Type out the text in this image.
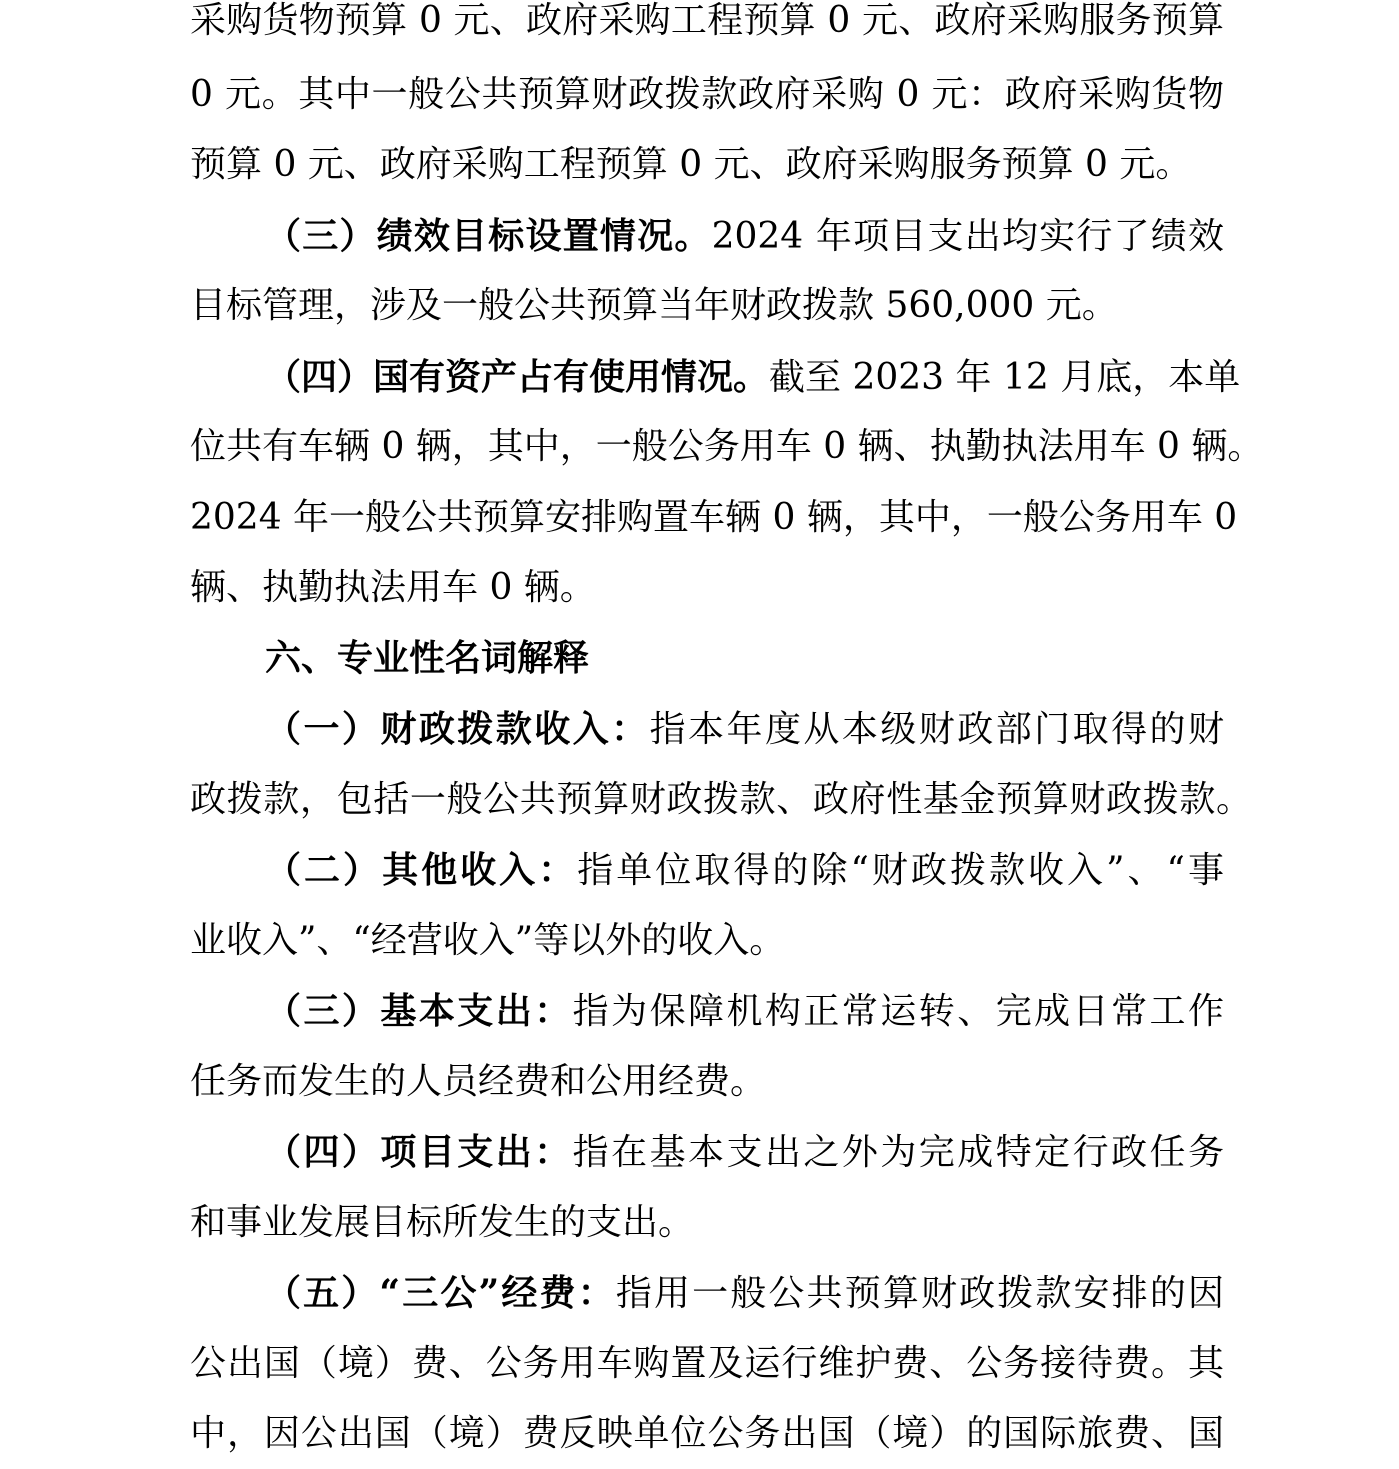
采购货物预算 0 元、政府采购工程预算 0 元、政府采购服务预算
0 元。其中一般公共预算财政拨款政府采购 0 元：政府采购货物
预算 0 元、政府采购工程预算 0 元、政府采购服务预算 0 元。
（三）绩效目标设置情况。2024 年项目支出均实行了绩效
目标管理，涉及一般公共预算当年财政拨款 560,000 元。
（四）国有资产占有使用情况。截至 2023 年 12 月底，本单
位共有车辆 0 辆，其中，一般公务用车 0 辆、执勤执法用车 0 辆。
2024 年一般公共预算安排购置车辆 0 辆，其中，一般公务用车 0
辆、执勤执法用车 0 辆。
六、专业性名词解释
（一）财政拨款收入：指本年度从本级财政部门取得的财
政拨款，包括一般公共预算财政拨款、政府性基金预算财政拨款。
（二）其他收入：指单位取得的除“财政拨款收入”、“事
业收入”、“经营收入”等以外的收入。
（三）基本支出：指为保障机构正常运转、完成日常工作
任务而发生的人员经费和公用经费。
（四）项目支出：指在基本支出之外为完成特定行政任务
和事业发展目标所发生的支出。
（五）“三公”经费：指用一般公共预算财政拨款安排的因
公出国（境）费、公务用车购置及运行维护费、公务接待费。其
中，因公出国（境）费反映单位公务出国（境）的国际旅费、国
